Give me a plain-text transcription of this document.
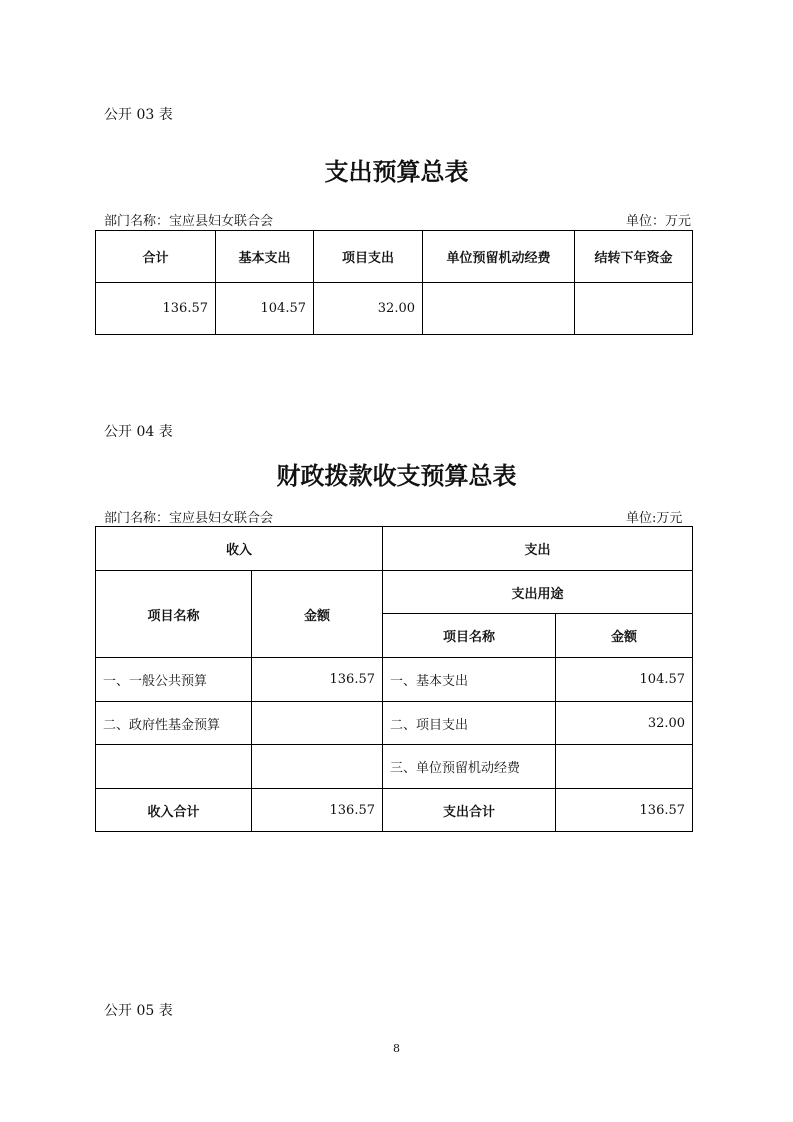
公开 03 表
支出预算总表
部门名称：宝应县妇女联合会	单位：万元
合计	基本支出	项目支出	单位预留机动经费	结转下年资金
136.57	104.57	32.00		
公开 04 表
财政拨款收支预算总表
部门名称：宝应县妇女联合会	单位:万元
收入		支出	
项目名称	金额	支出用途	
		项目名称	金额
一、一般公共预算	136.57	一、基本支出	104.57
二、政府性基金预算		二、项目支出	32.00
		三、单位预留机动经费	
收入合计	136.57	支出合计	136.57
公开 05 表
8
